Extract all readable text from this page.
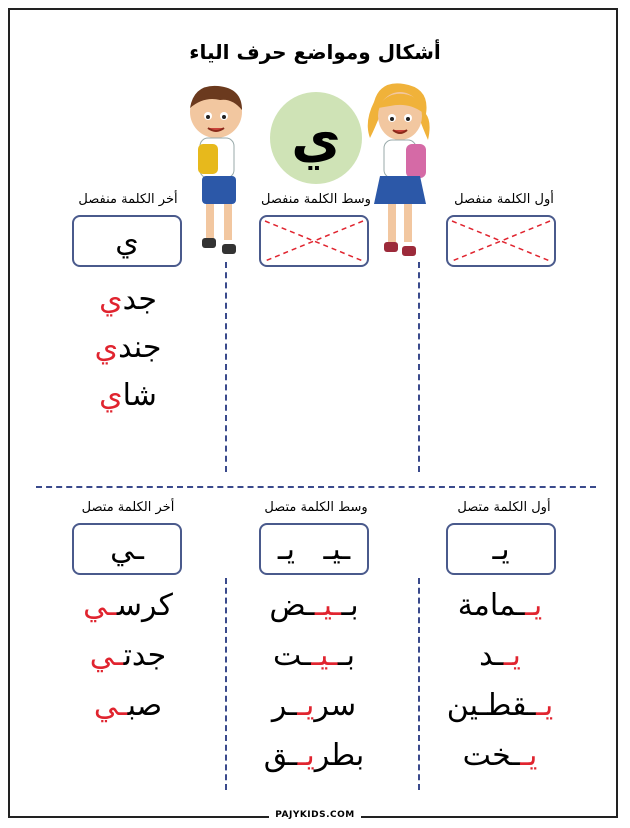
أشكال ومواضع حرف الياء
ي
أخر الكلمة منفصل	وسط الكلمة منفصل	أول الكلمة منفصل
ي
جدي
جندي
شاي
أخر الكلمة متصل	وسط الكلمة متصل	أول الكلمة متصل
ـي	ـيـ   يـ	يـ
كرسـي
جدتـي
صبـي
بــيــض
بــيــت
سريــر
بطريــق
يــمامة
يــد
يــقطـين
يــخت
PAJYKIDS.COM
